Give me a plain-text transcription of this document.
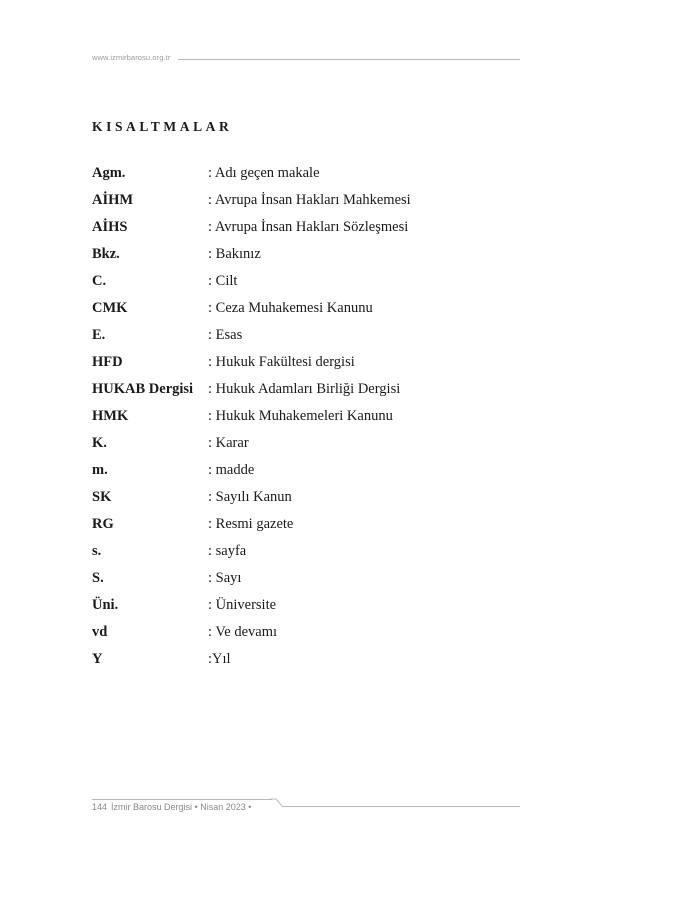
www.izmirbarosu.org.tr
KISALTMALAR
Agm.	: Adı geçen makale
AİHM	: Avrupa İnsan Hakları Mahkemesi
AİHS	: Avrupa İnsan Hakları Sözleşmesi
Bkz.	: Bakınız
C.	: Cilt
CMK	: Ceza Muhakemesi Kanunu
E.	: Esas
HFD	: Hukuk Fakültesi dergisi
HUKAB Dergisi : Hukuk Adamları Birliği Dergisi
HMK	: Hukuk Muhakemeleri Kanunu
K.	: Karar
m.	: madde
SK	: Sayılı Kanun
RG	: Resmi gazete
s.	: sayfa
S.	: Sayı
Üni.	: Üniversite
vd	: Ve devamı
Y	:Yıl
144 İzmir Barosu Dergisi • Nisan 2023 •
